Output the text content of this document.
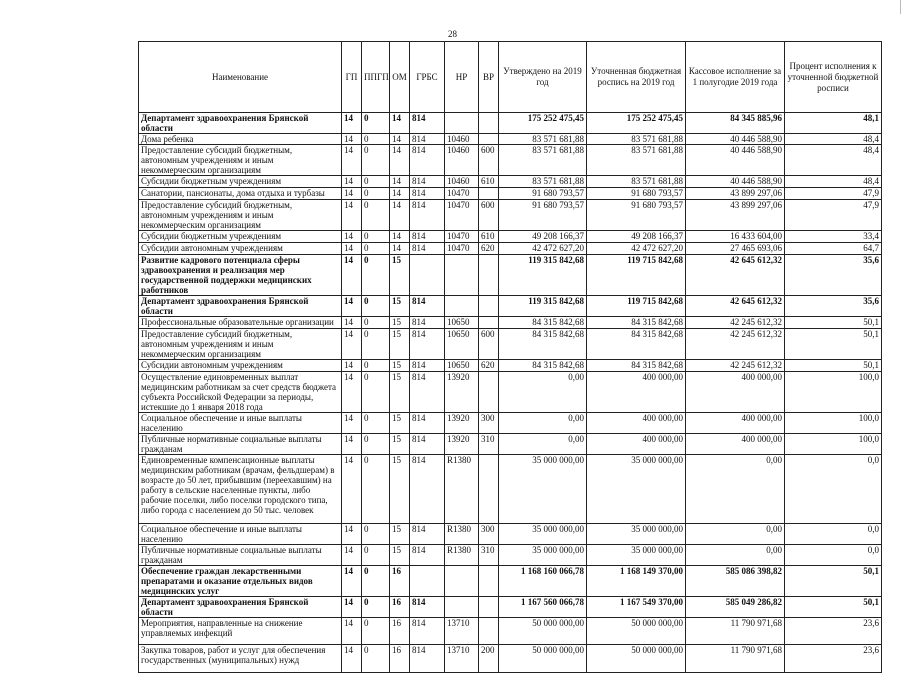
28
Наименование	ГП	ППГП	ОМ	ГРБС	НР	ВР	Утверждено на 2019 год	Уточненная бюджетная роспись на 2019 год	Кассовое исполнение за 1 полугодие 2019 года	Процент исполнения к уточненной бюджетной росписи
Департамент здравоохранения Брянской области	14	0	14	814			175 252 475,45	175 252 475,45	84 345 885,96	48,1
Дома ребенка	14	0	14	814	10460		83 571 681,88	83 571 681,88	40 446 588,90	48,4
Предоставление субсидий бюджетным, автономным учреждениям и иным некоммерческим организациям	14	0	14	814	10460	600	83 571 681,88	83 571 681,88	40 446 588,90	48,4
Субсидии бюджетным учреждениям	14	0	14	814	10460	610	83 571 681,88	83 571 681,88	40 446 588,90	48,4
Санатории, пансионаты, дома отдыха и турбазы	14	0	14	814	10470		91 680 793,57	91 680 793,57	43 899 297,06	47,9
Предоставление субсидий бюджетным, автономным учреждениям и иным некоммерческим организациям	14	0	14	814	10470	600	91 680 793,57	91 680 793,57	43 899 297,06	47,9
Субсидии бюджетным учреждениям	14	0	14	814	10470	610	49 208 166,37	49 208 166,37	16 433 604,00	33,4
Субсидии автономным учреждениям	14	0	14	814	10470	620	42 472 627,20	42 472 627,20	27 465 693,06	64,7
Развитие кадрового потенциала сферы здравоохранения и реализация мер государственной поддержки медицинских работников	14	0	15				119 315 842,68	119 715 842,68	42 645 612,32	35,6
Департамент здравоохранения Брянской области	14	0	15	814			119 315 842,68	119 715 842,68	42 645 612,32	35,6
Профессиональные образовательные организации	14	0	15	814	10650		84 315 842,68	84 315 842,68	42 245 612,32	50,1
Предоставление субсидий бюджетным, автономным учреждениям и иным некоммерческим организациям	14	0	15	814	10650	600	84 315 842,68	84 315 842,68	42 245 612,32	50,1
Субсидии автономным учреждениям	14	0	15	814	10650	620	84 315 842,68	84 315 842,68	42 245 612,32	50,1
Осуществление единовременных выплат медицинским работникам за счет средств бюджета субъекта Российской Федерации за периоды, истекшие до 1 января 2018 года	14	0	15	814	13920		0,00	400 000,00	400 000,00	100,0
Социальное обеспечение и иные выплаты населению	14	0	15	814	13920	300	0,00	400 000,00	400 000,00	100,0
Публичные нормативные социальные выплаты гражданам	14	0	15	814	13920	310	0,00	400 000,00	400 000,00	100,0
Единовременные компенсационные выплаты медицинским работникам (врачам, фельдшерам) в возрасте до 50 лет, прибывшим (переехавшим) на работу в сельские населенные пункты, либо рабочие поселки, либо поселки городского типа, либо города с населением до 50 тыс. человек	14	0	15	814	R1380		35 000 000,00	35 000 000,00	0,00	0,0
Социальное обеспечение и иные выплаты населению	14	0	15	814	R1380	300	35 000 000,00	35 000 000,00	0,00	0,0
Публичные нормативные социальные выплаты гражданам	14	0	15	814	R1380	310	35 000 000,00	35 000 000,00	0,00	0,0
Обеспечение граждан лекарственными препаратами и оказание отдельных видов медицинских услуг	14	0	16				1 168 160 066,78	1 168 149 370,00	585 086 398,82	50,1
Департамент здравоохранения Брянской области	14	0	16	814			1 167 560 066,78	1 167 549 370,00	585 049 286,82	50,1
Мероприятия, направленные на снижение управляемых инфекций	14	0	16	814	13710		50 000 000,00	50 000 000,00	11 790 971,68	23,6
Закупка товаров, работ и услуг для обеспечения государственных (муниципальных) нужд	14	0	16	814	13710	200	50 000 000,00	50 000 000,00	11 790 971,68	23,6
